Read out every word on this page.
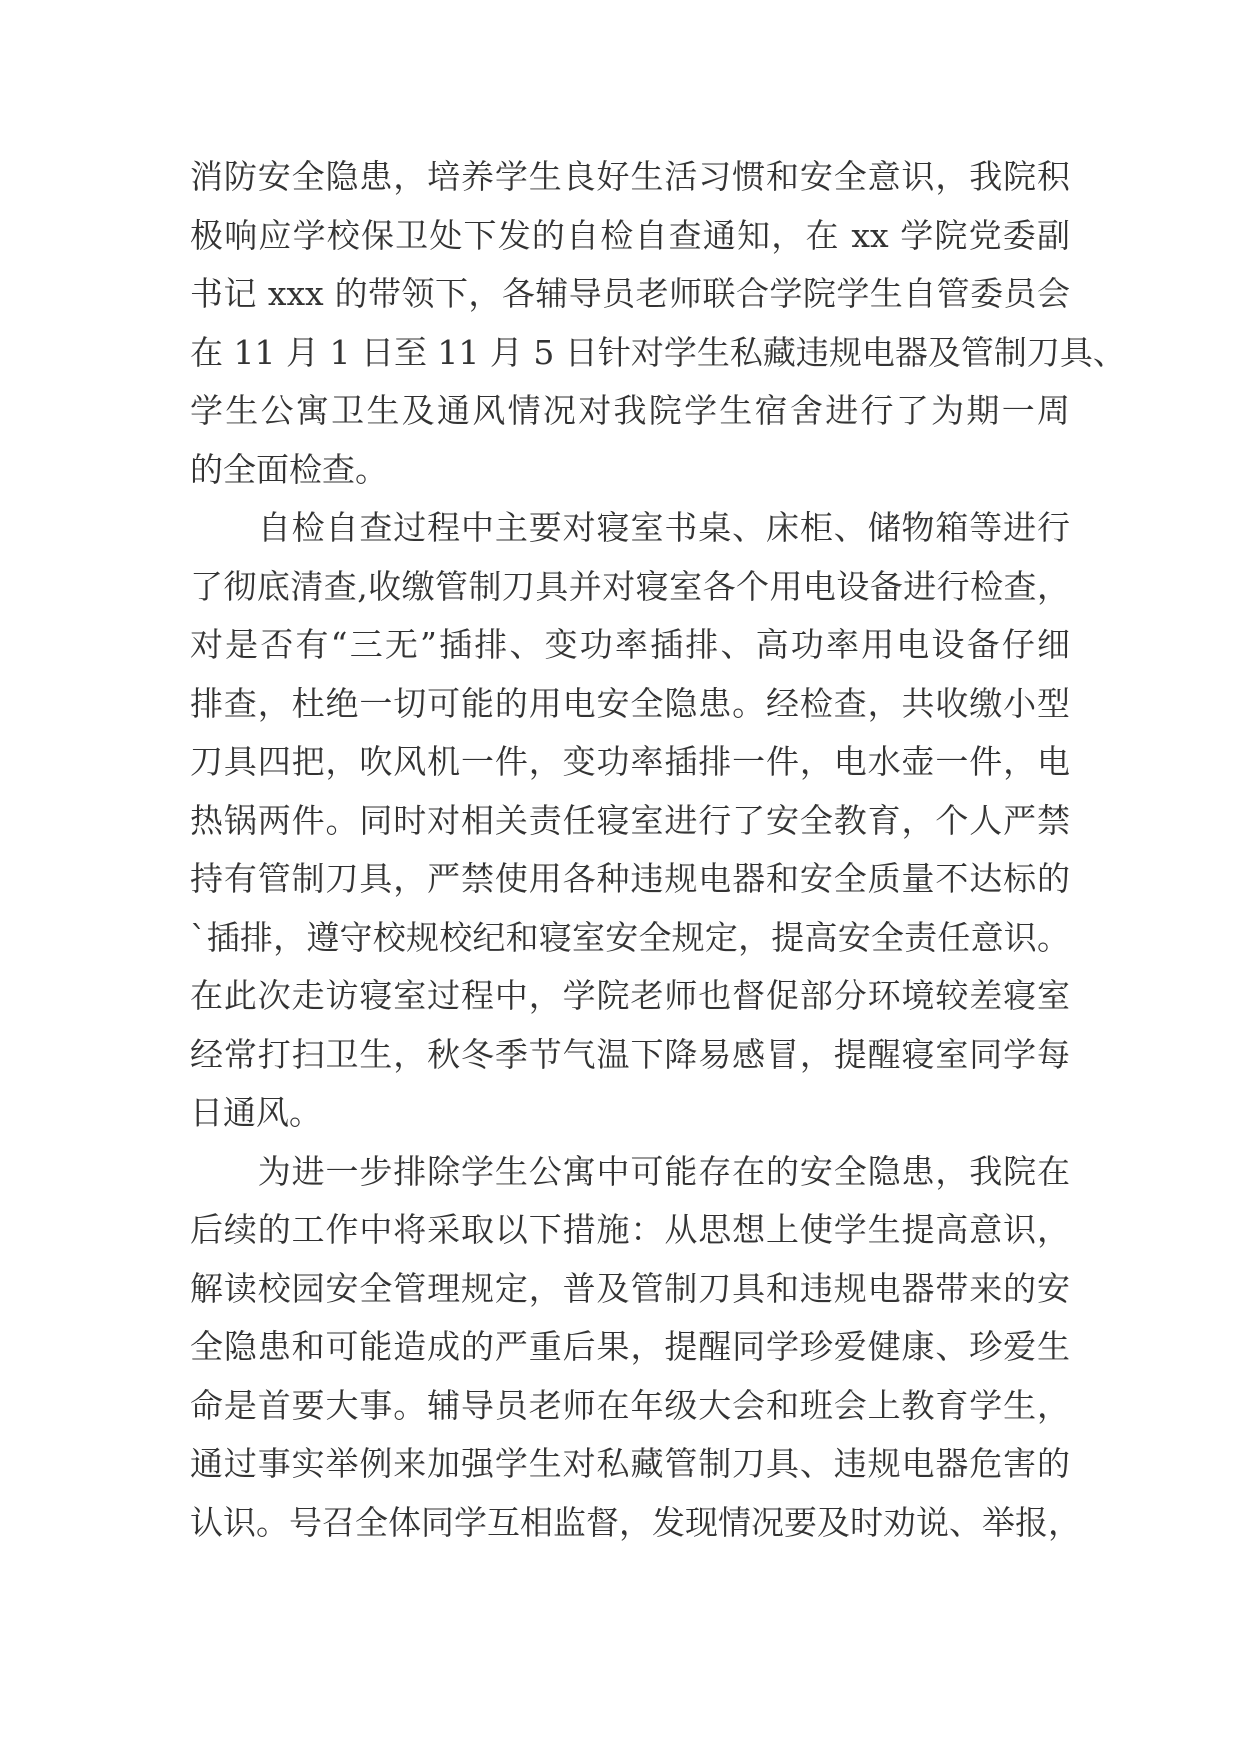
消防安全隐患，培养学生良好生活习惯和安全意识，我院积
极响应学校保卫处下发的自检自查通知，在 xx 学院党委副
书记 xxx 的带领下，各辅导员老师联合学院学生自管委员会
在 11 月 1 日至 11 月 5 日针对学生私藏违规电器及管制刀具、
学生公寓卫生及通风情况对我院学生宿舍进行了为期一周
的全面检查。
　　自检自查过程中主要对寝室书桌、床柜、储物箱等进行
了彻底清查,收缴管制刀具并对寝室各个用电设备进行检查，
对是否有“三无”插排、变功率插排、高功率用电设备仔细
排查，杜绝一切可能的用电安全隐患。经检查，共收缴小型
刀具四把，吹风机一件，变功率插排一件，电水壶一件，电
热锅两件。同时对相关责任寝室进行了安全教育，个人严禁
持有管制刀具，严禁使用各种违规电器和安全质量不达标的
`插排，遵守校规校纪和寝室安全规定，提高安全责任意识。
在此次走访寝室过程中，学院老师也督促部分环境较差寝室
经常打扫卫生，秋冬季节气温下降易感冒，提醒寝室同学每
日通风。
　　为进一步排除学生公寓中可能存在的安全隐患，我院在
后续的工作中将采取以下措施：从思想上使学生提高意识，
解读校园安全管理规定，普及管制刀具和违规电器带来的安
全隐患和可能造成的严重后果，提醒同学珍爱健康、珍爱生
命是首要大事。辅导员老师在年级大会和班会上教育学生，
通过事实举例来加强学生对私藏管制刀具、违规电器危害的
认识。号召全体同学互相监督，发现情况要及时劝说、举报，
